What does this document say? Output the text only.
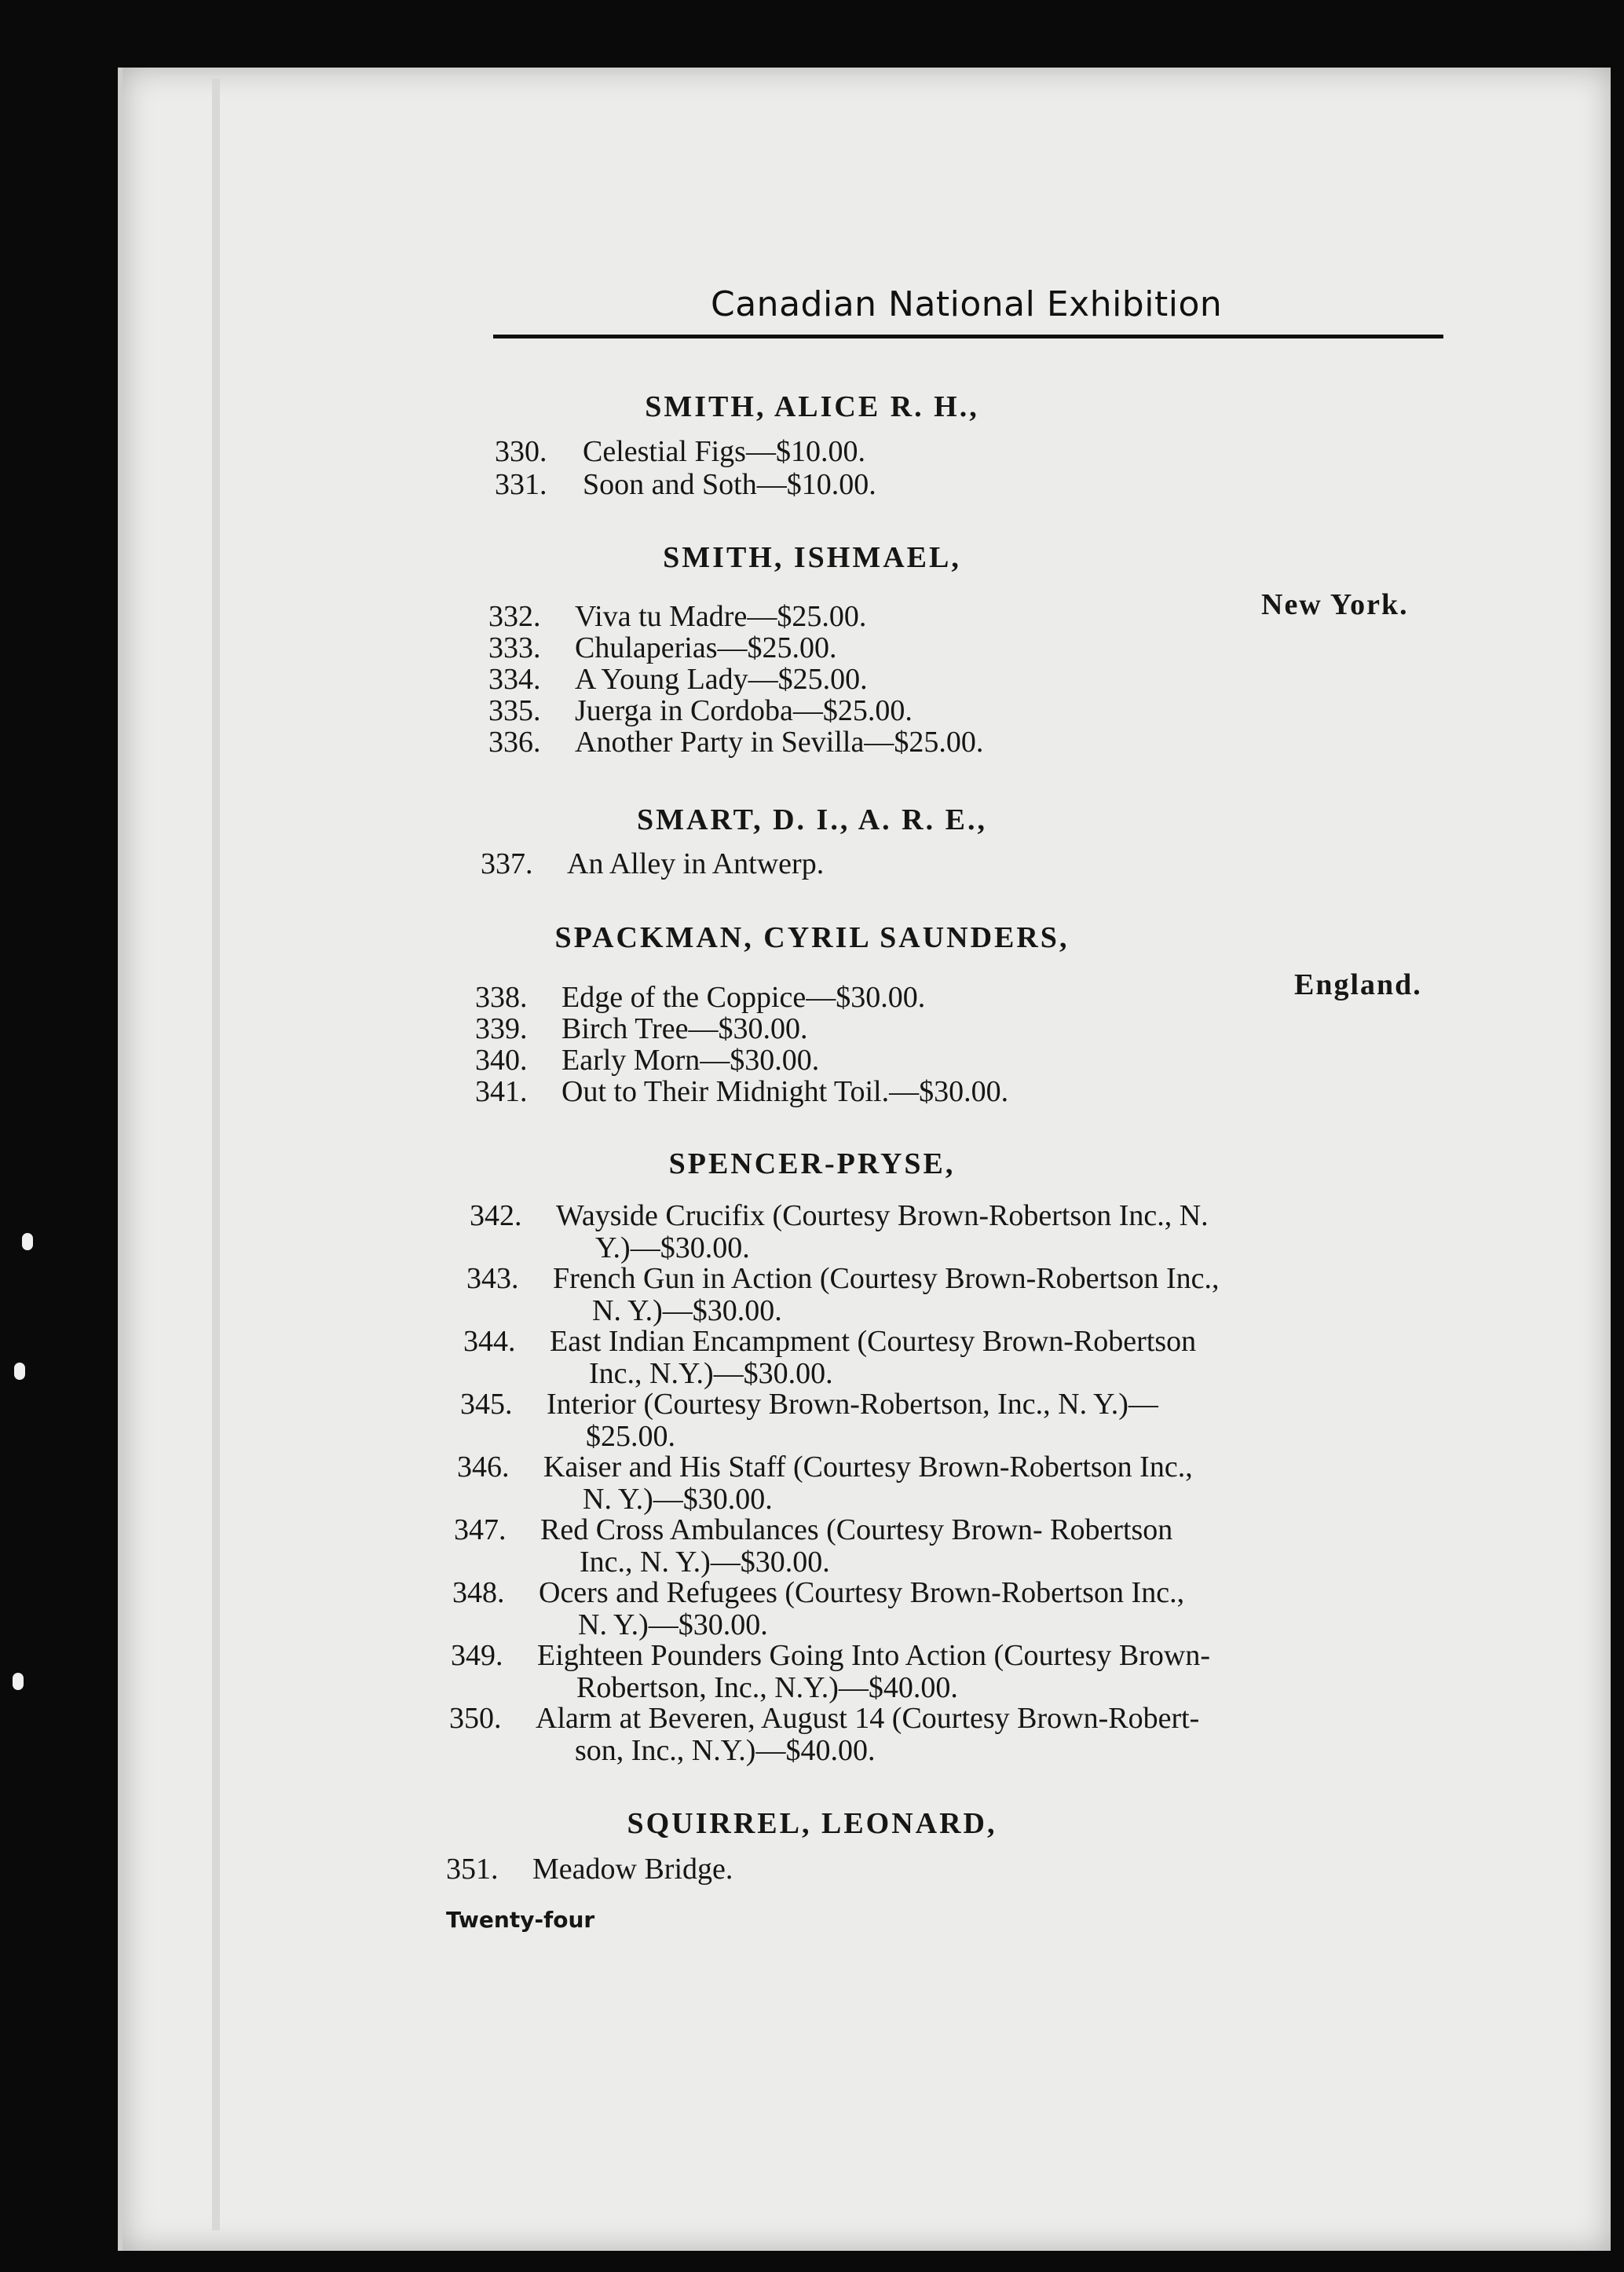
Canadian National Exhibition
SMITH, ALICE R. H.,
330. Celestial Figs—$10.00.
331. Soon and Soth—$10.00.
SMITH, ISHMAEL,
New York.
332. Viva tu Madre—$25.00.
333. Chulaperias—$25.00.
334. A Young Lady—$25.00.
335. Juerga in Cordoba—$25.00.
336. Another Party in Sevilla—$25.00.
SMART, D. I., A. R. E.,
337. An Alley in Antwerp.
SPACKMAN, CYRIL SAUNDERS,
England.
338. Edge of the Coppice—$30.00.
339. Birch Tree—$30.00.
340. Early Morn—$30.00.
341. Out to Their Midnight Toil.—$30.00.
SPENCER-PRYSE,
342. Wayside Crucifix (Courtesy Brown-Robertson Inc., N.
Y.)—$30.00.
343. French Gun in Action (Courtesy Brown-Robertson Inc.,
N. Y.)—$30.00.
344. East Indian Encampment (Courtesy Brown-Robertson
Inc., N.Y.)—$30.00.
345. Interior (Courtesy Brown-Robertson, Inc., N. Y.)—
$25.00.
346. Kaiser and His Staff (Courtesy Brown-Robertson Inc.,
N. Y.)—$30.00.
347. Red Cross Ambulances (Courtesy Brown- Robertson
Inc., N. Y.)—$30.00.
348. Ocers and Refugees (Courtesy Brown-Robertson Inc.,
N. Y.)—$30.00.
349. Eighteen Pounders Going Into Action (Courtesy Brown-
Robertson, Inc., N.Y.)—$40.00.
350. Alarm at Beveren, August 14 (Courtesy Brown-Robert-
son, Inc., N.Y.)—$40.00.
SQUIRREL, LEONARD,
351. Meadow Bridge.
Twenty-four
